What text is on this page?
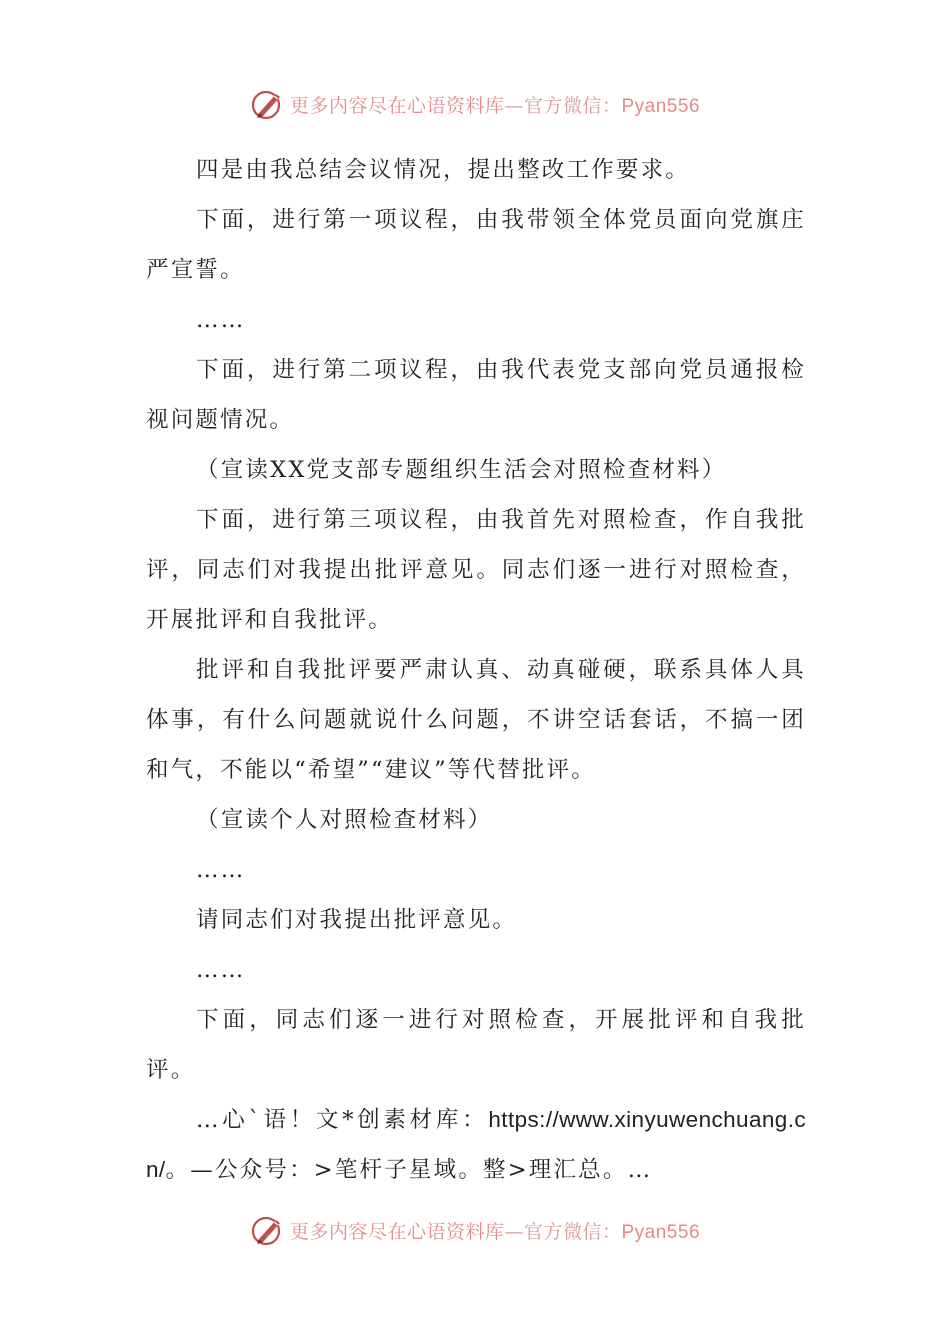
更多内容尽在心语资料库—官方微信：Pyan556

四是由我总结会议情况，提出整改工作要求。

下面，进行第一项议程，由我带领全体党员面向党旗庄严宣誓。

……

下面，进行第二项议程，由我代表党支部向党员通报检视问题情况。

（宣读XX党支部专题组织生活会对照检查材料）

下面，进行第三项议程，由我首先对照检查，作自我批评，同志们对我提出批评意见。同志们逐一进行对照检查，开展批评和自我批评。

批评和自我批评要严肃认真、动真碰硬，联系具体人具体事，有什么问题就说什么问题，不讲空话套话，不搞一团和气，不能以“希望”“建议”等代替批评。

（宣读个人对照检查材料）

……

请同志们对我提出批评意见。

……

下面，同志们逐一进行对照检查，开展批评和自我批评。

…心`语！文*创素材库：https://www.xinyuwenchuang.cn/。—公众号：>笔杆子星域。整>理汇总。…

更多内容尽在心语资料库—官方微信：Pyan556
